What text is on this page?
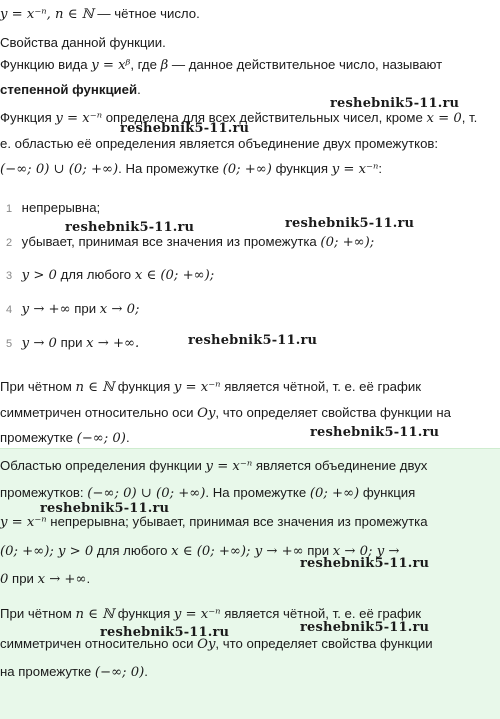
y = x⁻ⁿ, n ∈ ℕ — чётное число.
Свойства данной функции.
Функцию вида y = xᵝ, где β — данное действительное число, называют
степенной функцией.
Функция y = x⁻ⁿ определена для всех действительных чисел, кроме x = 0, т.
е. областью её определения является объединение двух промежутков:
(−∞; 0) ∪ (0; +∞). На промежутке (0; +∞) функция y = x⁻ⁿ:
1 непрерывна;
2 убывает, принимая все значения из промежутка (0; +∞);
3 y > 0 для любого x ∈ (0; +∞);
4 y → +∞ при x → 0;
5 y → 0 при x → +∞.
При чётном n ∈ ℕ функция y = x⁻ⁿ является чётной, т. е. её график
симметричен относительно оси Oy, что определяет свойства функции на
промежутке (−∞; 0).
Областью определения функции y = x⁻ⁿ является объединение двух
промежутков: (−∞; 0) ∪ (0; +∞). На промежутке (0; +∞) функция
y = x⁻ⁿ непрерывна; убывает, принимая все значения из промежутка
(0; +∞); y > 0 для любого x ∈ (0; +∞); y → +∞ при x → 0; y →
0 при x → +∞.
При чётном n ∈ ℕ функция y = x⁻ⁿ является чётной, т. е. её график
симметричен относительно оси Oy, что определяет свойства функции
на промежутке (−∞; 0).
reshebnik5-11.ru
reshebnik5-11.ru
reshebnik5-11.ru	reshebnik5-11.ru
reshebnik5-11.ru
reshebnik5-11.ru
reshebnik5-11.ru
reshebnik5-11.ru
reshebnik5-11.ru	reshebnik5-11.ru
